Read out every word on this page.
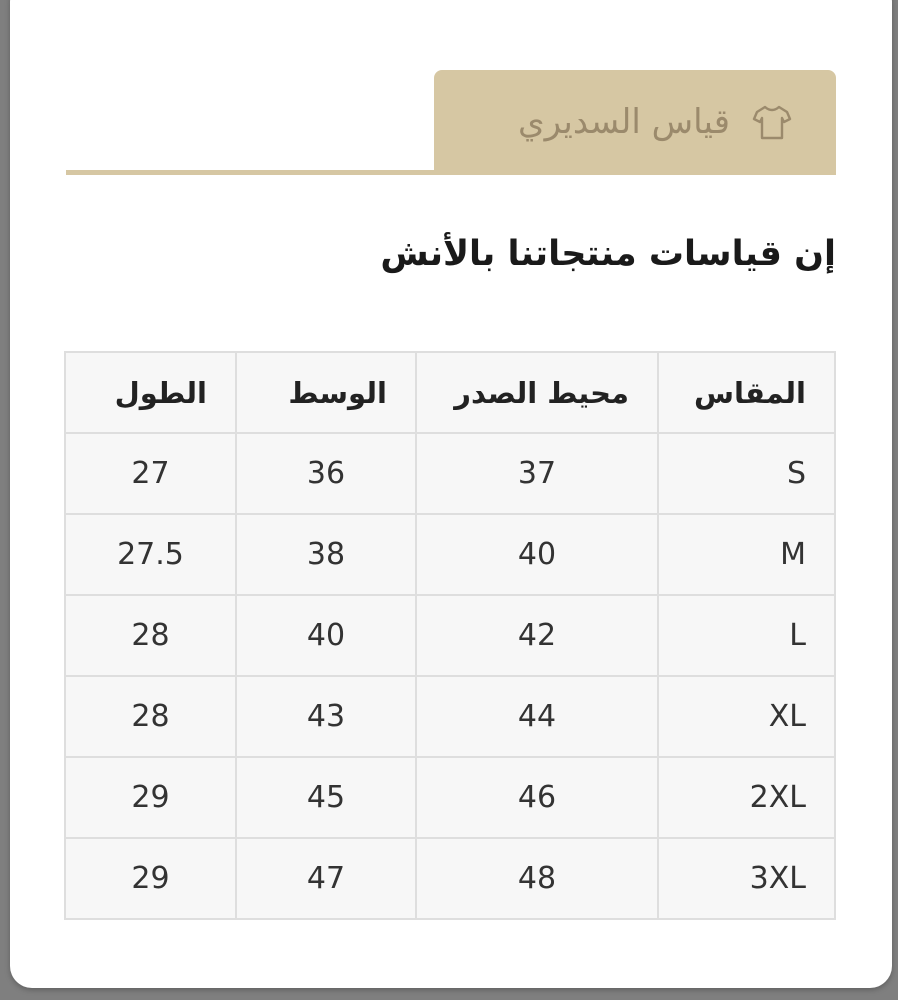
قياس السديري
إن قياسات منتجاتنا بالأنش
المقاس	محيط الصدر	الوسط	الطول
S	37	36	27
M	40	38	27.5
L	42	40	28
XL	44	43	28
2XL	46	45	29
3XL	48	47	29
